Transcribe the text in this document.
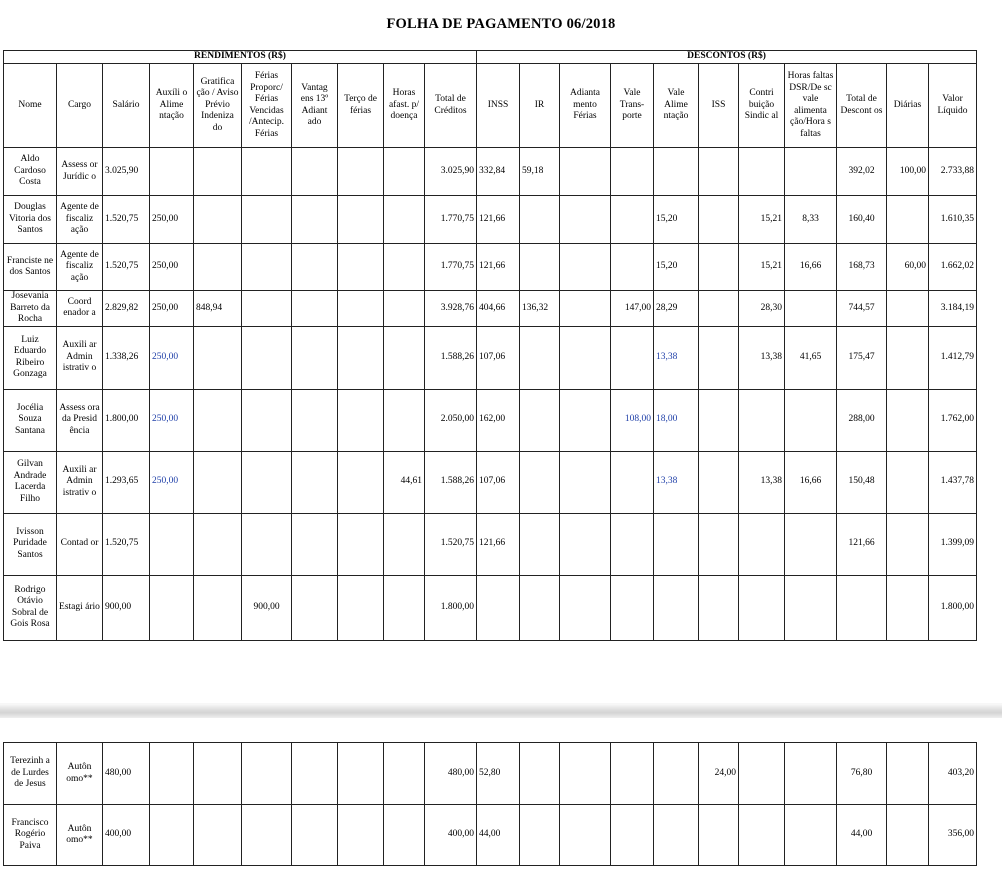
FOLHA DE PAGAMENTO 06/2018
RENDIMENTOS (R$)										DESCONTOS (R$)										
Nome	Cargo	Salário	Auxíli o Alime ntação	Gratifica ção / Aviso Prévio Indeniza do	Férias Proporc/ Férias Vencidas /Antecip. Férias	Vantag ens 13º Adiant ado	Terço de férias	Horas afast. p/ doença	Total de Créditos	INSS	IR	Adianta mento Férias	Vale Trans- porte	Vale Alime ntação	ISS	Contri buição Sindic al	Horas faltas DSR/De sc vale alimenta ção/Hora s faltas	Total de Descont os	Diárias	Valor Líquido
Aldo Cardoso Costa	Assess or Jurídic o	3.025,90							3.025,90	332,84	59,18							392,02	100,00	2.733,88
Douglas Vitoria dos Santos	Agente de fiscaliz ação	1.520,75	250,00						1.770,75	121,66				15,20		15,21	8,33	160,40		1.610,35
Franciste ne dos Santos	Agente de fiscaliz ação	1.520,75	250,00						1.770,75	121,66				15,20		15,21	16,66	168,73	60,00	1.662,02
Josevania Barreto da Rocha	Coord enador a	2.829,82	250,00	848,94					3.928,76	404,66	136,32		147,00	28,29		28,30		744,57		3.184,19
Luiz Eduardo Ribeiro Gonzaga	Auxili ar Admin istrativ o	1.338,26	250,00						1.588,26	107,06				13,38		13,38	41,65	175,47		1.412,79
Jocélia Souza Santana	Assess ora da Presid ência	1.800,00	250,00						2.050,00	162,00			108,00	18,00				288,00		1.762,00
Gilvan Andrade Lacerda Filho	Auxili ar Admin istrativ o	1.293,65	250,00					44,61	1.588,26	107,06				13,38		13,38	16,66	150,48		1.437,78
Ivisson Puridade Santos	Contad or	1.520,75							1.520,75	121,66								121,66		1.399,09
Rodrigo Otávio Sobral de Gois Rosa	Estagi ário	900,00			900,00				1.800,00											1.800,00
Terezinh a de Lurdes de Jesus	Autôn omo**	480,00							480,00	52,80					24,00			76,80		403,20
Francisco Rogério Paiva	Autôn omo**	400,00							400,00	44,00								44,00		356,00
